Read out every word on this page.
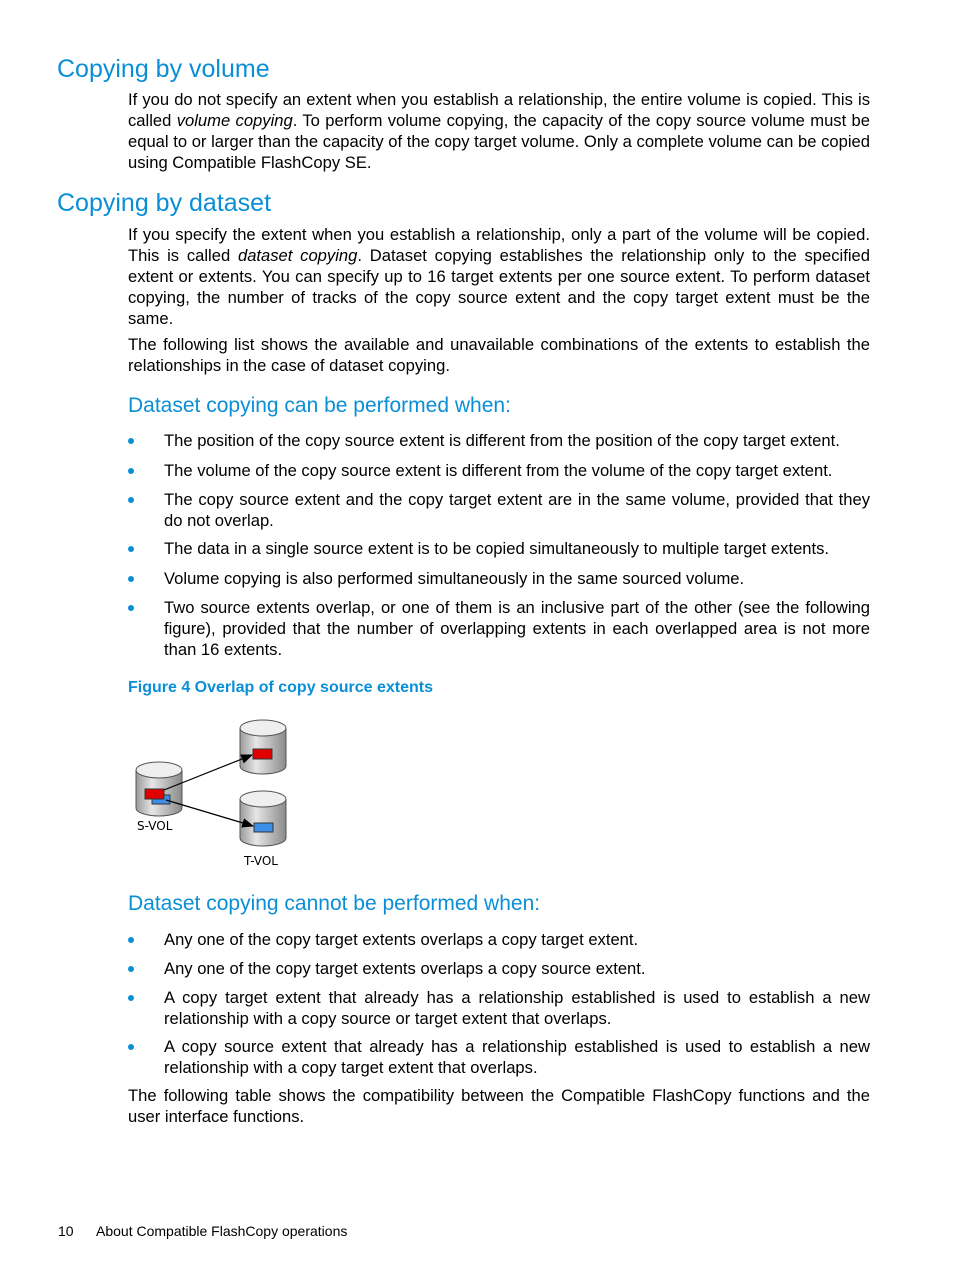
Copying by volume

If you do not specify an extent when you establish a relationship, the entire volume is copied. This is called volume copying. To perform volume copying, the capacity of the copy source volume must be equal to or larger than the capacity of the copy target volume. Only a complete volume can be copied using Compatible FlashCopy SE.

Copying by dataset

If you specify the extent when you establish a relationship, only a part of the volume will be copied. This is called dataset copying. Dataset copying establishes the relationship only to the specified extent or extents. You can specify up to 16 target extents per one source extent. To perform dataset copying, the number of tracks of the copy source extent and the copy target extent must be the same.

The following list shows the available and unavailable combinations of the extents to establish the relationships in the case of dataset copying.

Dataset copying can be performed when:
The position of the copy source extent is different from the position of the copy target extent.
The volume of the copy source extent is different from the volume of the copy target extent.
The copy source extent and the copy target extent are in the same volume, provided that they do not overlap.
The data in a single source extent is to be copied simultaneously to multiple target extents.
Volume copying is also performed simultaneously in the same sourced volume.
Two source extents overlap, or one of them is an inclusive part of the other (see the following figure), provided that the number of overlapping extents in each overlapped area is not more than 16 extents.

Figure 4 Overlap of copy source extents

S-VOL
T-VOL
Dataset copying cannot be performed when:
Any one of the copy target extents overlaps a copy target extent.
Any one of the copy target extents overlaps a copy source extent.
A copy target extent that already has a relationship established is used to establish a new relationship with a copy source or target extent that overlaps.
A copy source extent that already has a relationship established is used to establish a new relationship with a copy target extent that overlaps.

The following table shows the compatibility between the Compatible FlashCopy functions and the user interface functions.

10 About Compatible FlashCopy operations
